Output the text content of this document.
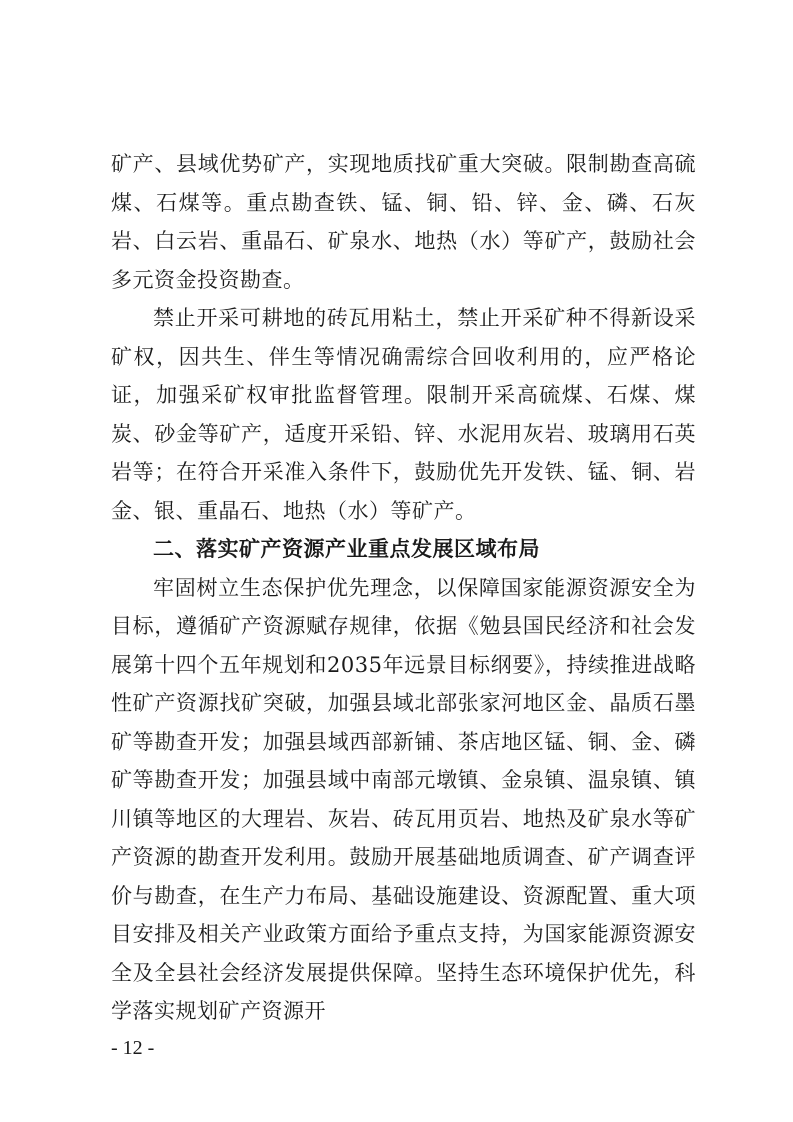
矿产、县域优势矿产，实现地质找矿重大突破。限制勘查高硫煤、石煤等。重点勘查铁、锰、铜、铅、锌、金、磷、石灰岩、白云岩、重晶石、矿泉水、地热（水）等矿产，鼓励社会多元资金投资勘查。

禁止开采可耕地的砖瓦用粘土，禁止开采矿种不得新设采矿权，因共生、伴生等情况确需综合回收利用的，应严格论证，加强采矿权审批监督管理。限制开采高硫煤、石煤、煤炭、砂金等矿产，适度开采铅、锌、水泥用灰岩、玻璃用石英岩等；在符合开采准入条件下，鼓励优先开发铁、锰、铜、岩金、银、重晶石、地热（水）等矿产。

二、落实矿产资源产业重点发展区域布局

牢固树立生态保护优先理念，以保障国家能源资源安全为目标，遵循矿产资源赋存规律，依据《勉县国民经济和社会发展第十四个五年规划和2035年远景目标纲要》，持续推进战略性矿产资源找矿突破，加强县域北部张家河地区金、晶质石墨矿等勘查开发；加强县域西部新铺、茶店地区锰、铜、金、磷矿等勘查开发；加强县域中南部元墩镇、金泉镇、温泉镇、镇川镇等地区的大理岩、灰岩、砖瓦用页岩、地热及矿泉水等矿产资源的勘查开发利用。鼓励开展基础地质调查、矿产调查评价与勘查，在生产力布局、基础设施建设、资源配置、重大项目安排及相关产业政策方面给予重点支持，为国家能源资源安全及全县社会经济发展提供保障。坚持生态环境保护优先，科学落实规划矿产资源开

- 12 -
